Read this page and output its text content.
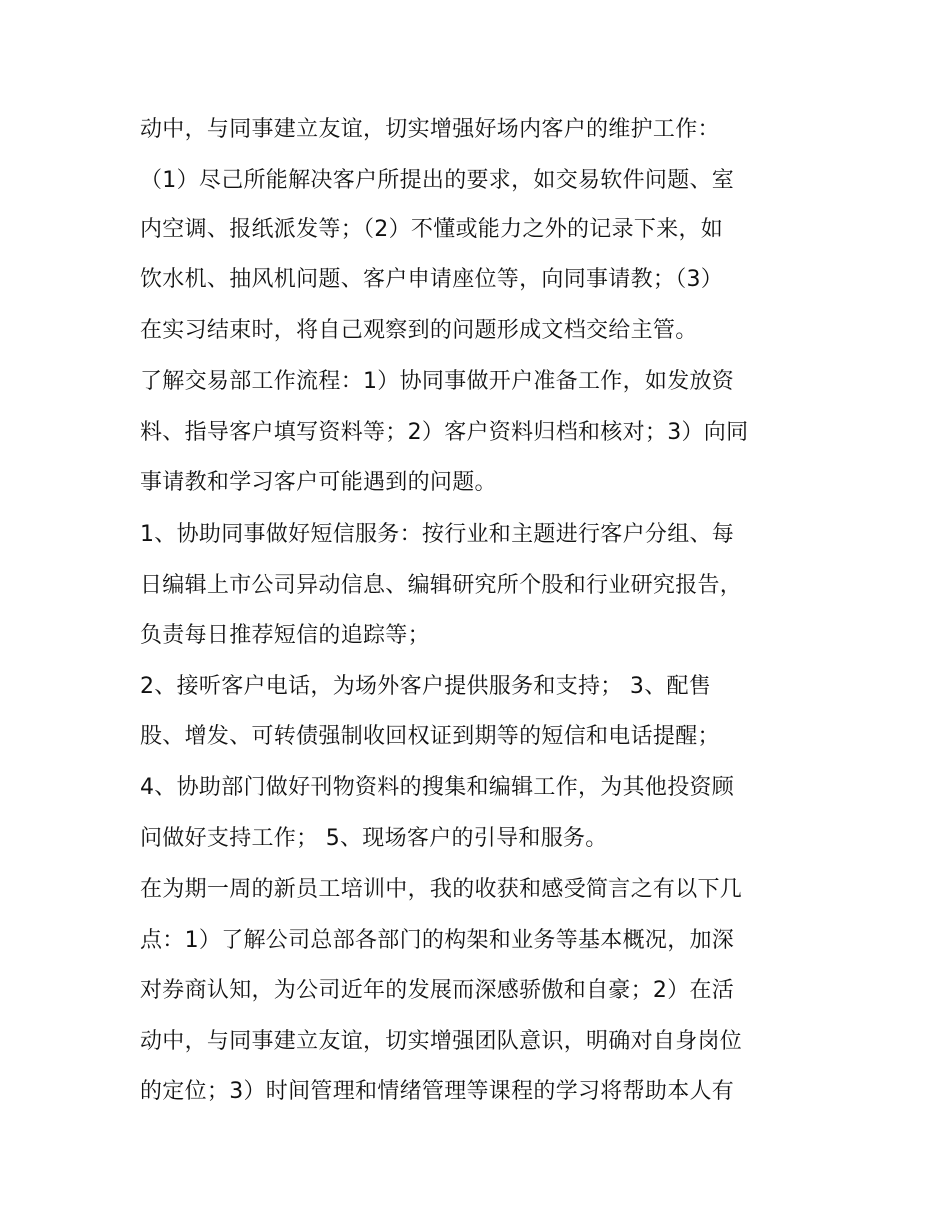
动中，与同事建立友谊，切实增强好场内客户的维护工作：
（1）尽己所能解决客户所提出的要求，如交易软件问题、室
内空调、报纸派发等；（2）不懂或能力之外的记录下来，如
饮水机、抽风机问题、客户申请座位等，向同事请教；（3）
在实习结束时，将自己观察到的问题形成文档交给主管。
了解交易部工作流程：1）协同事做开户准备工作，如发放资
料、指导客户填写资料等；2）客户资料归档和核对；3）向同
事请教和学习客户可能遇到的问题。
1、协助同事做好短信服务：按行业和主题进行客户分组、每
日编辑上市公司异动信息、编辑研究所个股和行业研究报告，
负责每日推荐短信的追踪等；
2、接听客户电话，为场外客户提供服务和支持； 3、配售
股、增发、可转债强制收回权证到期等的短信和电话提醒；
4、协助部门做好刊物资料的搜集和编辑工作，为其他投资顾
问做好支持工作； 5、现场客户的引导和服务。
在为期一周的新员工培训中，我的收获和感受简言之有以下几
点：1）了解公司总部各部门的构架和业务等基本概况，加深
对券商认知，为公司近年的发展而深感骄傲和自豪；2）在活
动中，与同事建立友谊，切实增强团队意识，明确对自身岗位
的定位；3）时间管理和情绪管理等课程的学习将帮助本人有
